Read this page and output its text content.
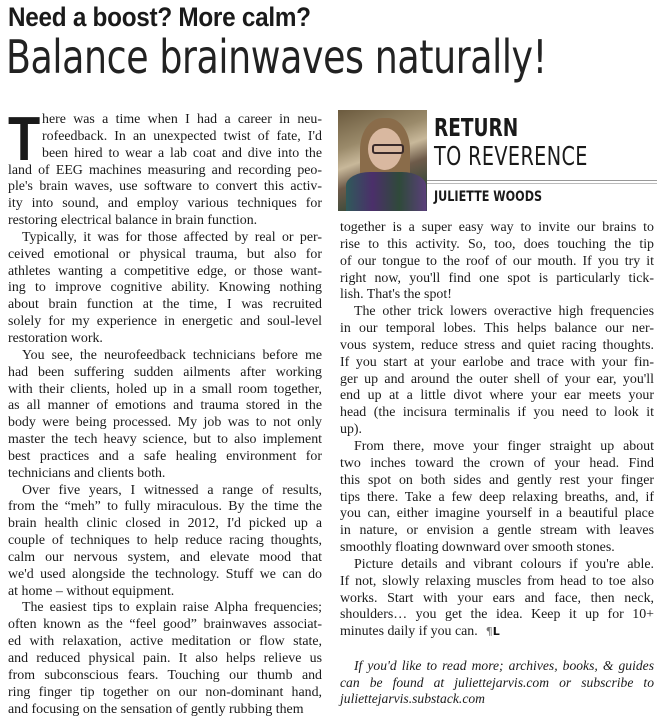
Need a boost? More calm?
Balance brainwaves naturally!
RETURN
TO REVERENCE
JULIETTE WOODS
T here was a time when I had a career in neu-
rofeedback. In an unexpected twist of fate, I'd
been hired to wear a lab coat and dive into the
land of EEG machines measuring and recording peo-
ple's brain waves, use software to convert this activ-
ity into sound, and employ various techniques for
restoring electrical balance in brain function.
Typically, it was for those affected by real or per-
ceived emotional or physical trauma, but also for
athletes wanting a competitive edge, or those want-
ing to improve cognitive ability. Knowing nothing
about brain function at the time, I was recruited
solely for my experience in energetic and soul-level
restoration work.
You see, the neurofeedback technicians before me
had been suffering sudden ailments after working
with their clients, holed up in a small room together,
as all manner of emotions and trauma stored in the
body were being processed. My job was to not only
master the tech heavy science, but to also implement
best practices and a safe healing environment for
technicians and clients both.
Over five years, I witnessed a range of results,
from the “meh” to fully miraculous. By the time the
brain health clinic closed in 2012, I'd picked up a
couple of techniques to help reduce racing thoughts,
calm our nervous system, and elevate mood that
we'd used alongside the technology. Stuff we can do
at home – without equipment.
The easiest tips to explain raise Alpha frequencies;
often known as the “feel good” brainwaves associat-
ed with relaxation, active meditation or flow state,
and reduced physical pain. It also helps relieve us
from subconscious fears. Touching our thumb and
ring finger tip together on our non-dominant hand,
and focusing on the sensation of gently rubbing them
together is a super easy way to invite our brains to
rise to this activity. So, too, does touching the tip
of our tongue to the roof of our mouth. If you try it
right now, you'll find one spot is particularly tick-
lish. That's the spot!
The other trick lowers overactive high frequencies
in our temporal lobes. This helps balance our ner-
vous system, reduce stress and quiet racing thoughts.
If you start at your earlobe and trace with your fin-
ger up and around the outer shell of your ear, you'll
end up at a little divot where your ear meets your
head (the incisura terminalis if you need to look it
up).
From there, move your finger straight up about
two inches toward the crown of your head. Find
this spot on both sides and gently rest your finger
tips there. Take a few deep relaxing breaths, and, if
you can, either imagine yourself in a beautiful place
in nature, or envision a gentle stream with leaves
smoothly floating downward over smooth stones.
Picture details and vibrant colours if you're able.
If not, slowly relaxing muscles from head to toe also
works. Start with your ears and face, then neck,
shoulders… you get the idea. Keep it up for 10+
minutes daily if you can. ¶L
If you'd like to read more; archives, books, & guides
can be found at juliettejarvis.com or subscribe to
juliettejarvis.substack.com
